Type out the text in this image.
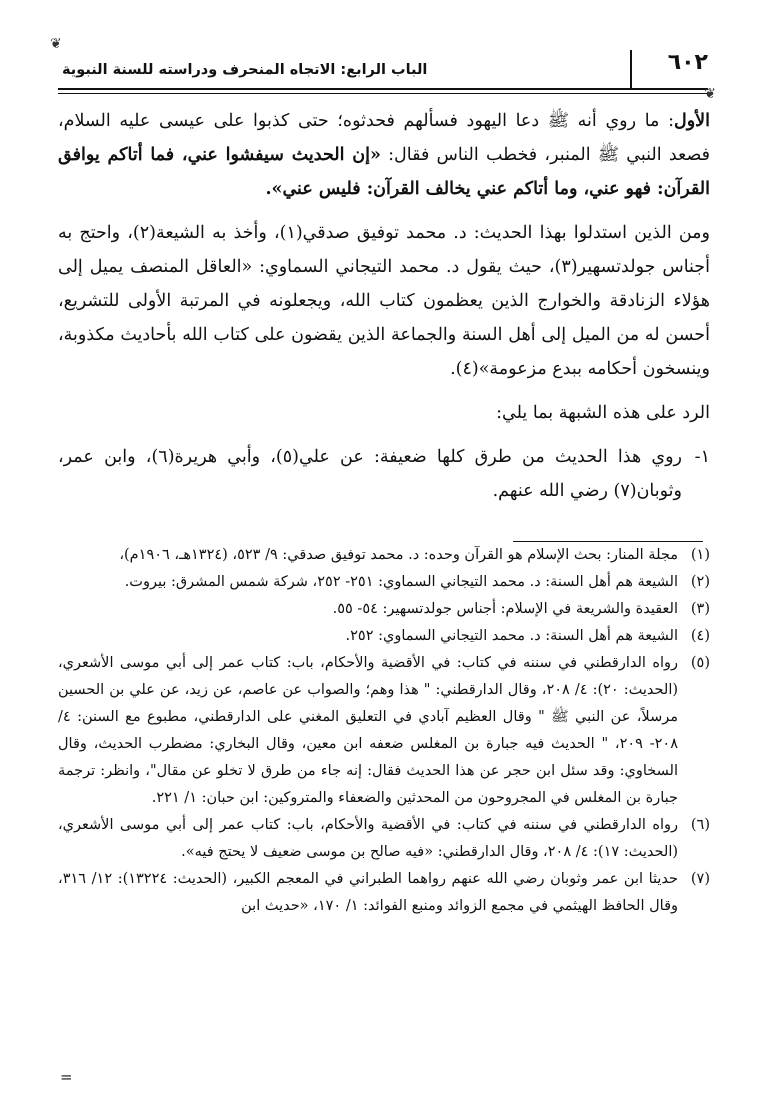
❦
٦٠٢
الباب الرابع: الاتجاه المنحرف ودراسته للسنة النبوية
❦

الأول: ما روي أنه ﷺ دعا اليهود فسألهم فحدثوه؛ حتى كذبوا على عيسى عليه السلام، فصعد النبي ﷺ المنبر، فخطب الناس فقال: «إن الحديث سيفشوا عني، فما أتاكم يوافق القرآن: فهو عني، وما أتاكم عني يخالف القرآن: فليس عني».

ومن الذين استدلوا بهذا الحديث: د. محمد توفيق صدقي(١)، وأخذ به الشيعة(٢)، واحتج به أجناس جولدتسهير(٣)، حيث يقول د. محمد التيجاني السماوي: «العاقل المنصف يميل إلى هؤلاء الزنادقة والخوارج الذين يعظمون كتاب الله، ويجعلونه في المرتبة الأولى للتشريع، أحسن له من الميل إلى أهل السنة والجماعة الذين يقضون على كتاب الله بأحاديث مكذوبة، وينسخون أحكامه ببدع مزعومة»(٤).

الرد على هذه الشبهة بما يلي:

١-
روي هذا الحديث من طرق كلها ضعيفة: عن علي(٥)، وأبي هريرة(٦)، وابن عمر، وثوبان(٧) رضي الله عنهم.
(١)
مجلة المنار: بحث الإسلام هو القرآن وحده: د. محمد توفيق صدقي: ٩/ ٥٢٣، (١٣٢٤هـ، ١٩٠٦م)،
(٢)
الشيعة هم أهل السنة: د. محمد التيجاني السماوي: ٢٥١- ٢٥٢، شركة شمس المشرق: بيروت.
(٣)
العقيدة والشريعة في الإسلام: أجناس جولدتسهير: ٥٤- ٥٥.
(٤)
الشيعة هم أهل السنة: د. محمد التيجاني السماوي: ٢٥٢.
(٥)
رواه الدارقطني في سننه في كتاب: في الأقضية والأحكام، باب: كتاب عمر إلى أبي موسى الأشعري، (الحديث: ٢٠): ٤/ ٢٠٨، وقال الدارقطني: " هذا وهم؛ والصواب عن عاصم، عن زيد، عن علي بن الحسين مرسلاً، عن النبي ﷺ " وقال العظيم آبادي في التعليق المغني على الدارقطني، مطبوع مع السنن: ٤/ ٢٠٨- ٢٠٩، " الحديث فيه جبارة بن المغلس ضعفه ابن معين، وقال البخاري: مضطرب الحديث، وقال السخاوي: وقد سئل ابن حجر عن هذا الحديث فقال: إنه جاء من طرق لا تخلو عن مقال"، وانظر: ترجمة جبارة بن المغلس في المجروحون من المحدثين والضعفاء والمتروكين: ابن حبان: ١/ ٢٢١.
(٦)
رواه الدارقطني في سننه في كتاب: في الأقضية والأحكام، باب: كتاب عمر إلى أبي موسى الأشعري، (الحديث: ١٧): ٤/ ٢٠٨، وقال الدارقطني: «فيه صالح بن موسى ضعيف لا يحتج فيه».
(٧)
حديثا ابن عمر وثوبان رضي الله عنهم رواهما الطبراني في المعجم الكبير، (الحديث: ١٣٢٢٤): ١٢/ ٣١٦، وقال الحافظ الهيثمي في مجمع الزوائد ومنبع الفوائد: ١/ ١٧٠، «حديث ابن
=
